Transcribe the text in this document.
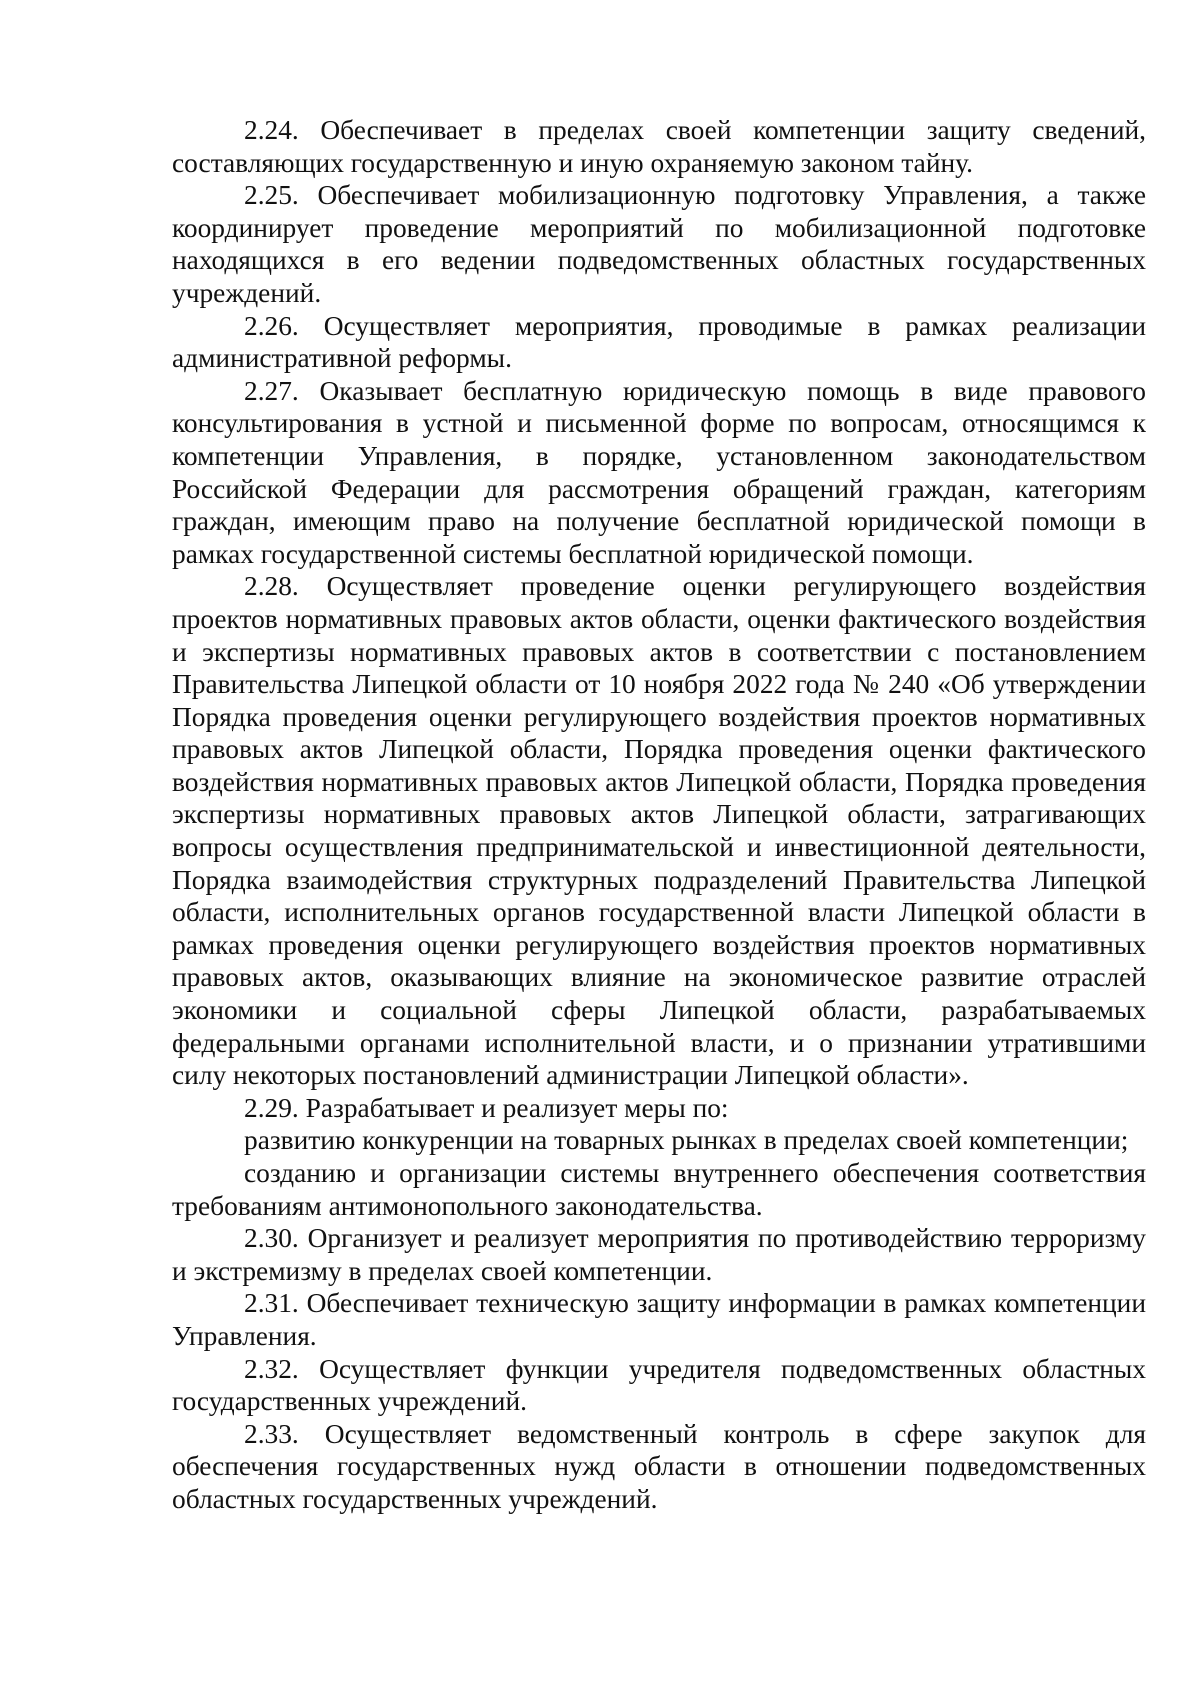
2.24. Обеспечивает в пределах своей компетенции защиту сведений, составляющих государственную и иную охраняемую законом тайну.

2.25. Обеспечивает мобилизационную подготовку Управления, а также координирует проведение мероприятий по мобилизационной подготовке находящихся в его ведении подведомственных областных государственных учреждений.

2.26. Осуществляет мероприятия, проводимые в рамках реализации административной реформы.

2.27. Оказывает бесплатную юридическую помощь в виде правового консультирования в устной и письменной форме по вопросам, относящимся к компетенции Управления, в порядке, установленном законодательством Российской Федерации для рассмотрения обращений граждан, категориям граждан, имеющим право на получение бесплатной юридической помощи в рамках государственной системы бесплатной юридической помощи.

2.28. Осуществляет проведение оценки регулирующего воздействия проектов нормативных правовых актов области, оценки фактического воздействия и экспертизы нормативных правовых актов в соответствии с постановлением Правительства Липецкой области от 10 ноября 2022 года № 240 «Об утверждении Порядка проведения оценки регулирующего воздействия проектов нормативных правовых актов Липецкой области, Порядка проведения оценки фактического воздействия нормативных правовых актов Липецкой области, Порядка проведения экспертизы нормативных правовых актов Липецкой области, затрагивающих вопросы осуществления предпринимательской и инвестиционной деятельности, Порядка взаимодействия структурных подразделений Правительства Липецкой области, исполнительных органов государственной власти Липецкой области в рамках проведения оценки регулирующего воздействия проектов нормативных правовых актов, оказывающих влияние на экономическое развитие отраслей экономики и социальной сферы Липецкой области, разрабатываемых федеральными органами исполнительной власти, и о признании утратившими силу некоторых постановлений администрации Липецкой области».

2.29. Разрабатывает и реализует меры по:

развитию конкуренции на товарных рынках в пределах своей компетенции;

созданию и организации системы внутреннего обеспечения соответствия требованиям антимонопольного законодательства.

2.30. Организует и реализует мероприятия по противодействию терроризму и экстремизму в пределах своей компетенции.

2.31. Обеспечивает техническую защиту информации в рамках компетенции Управления.

2.32. Осуществляет функции учредителя подведомственных областных государственных учреждений.

2.33. Осуществляет ведомственный контроль в сфере закупок для обеспечения государственных нужд области в отношении подведомственных областных государственных учреждений.
